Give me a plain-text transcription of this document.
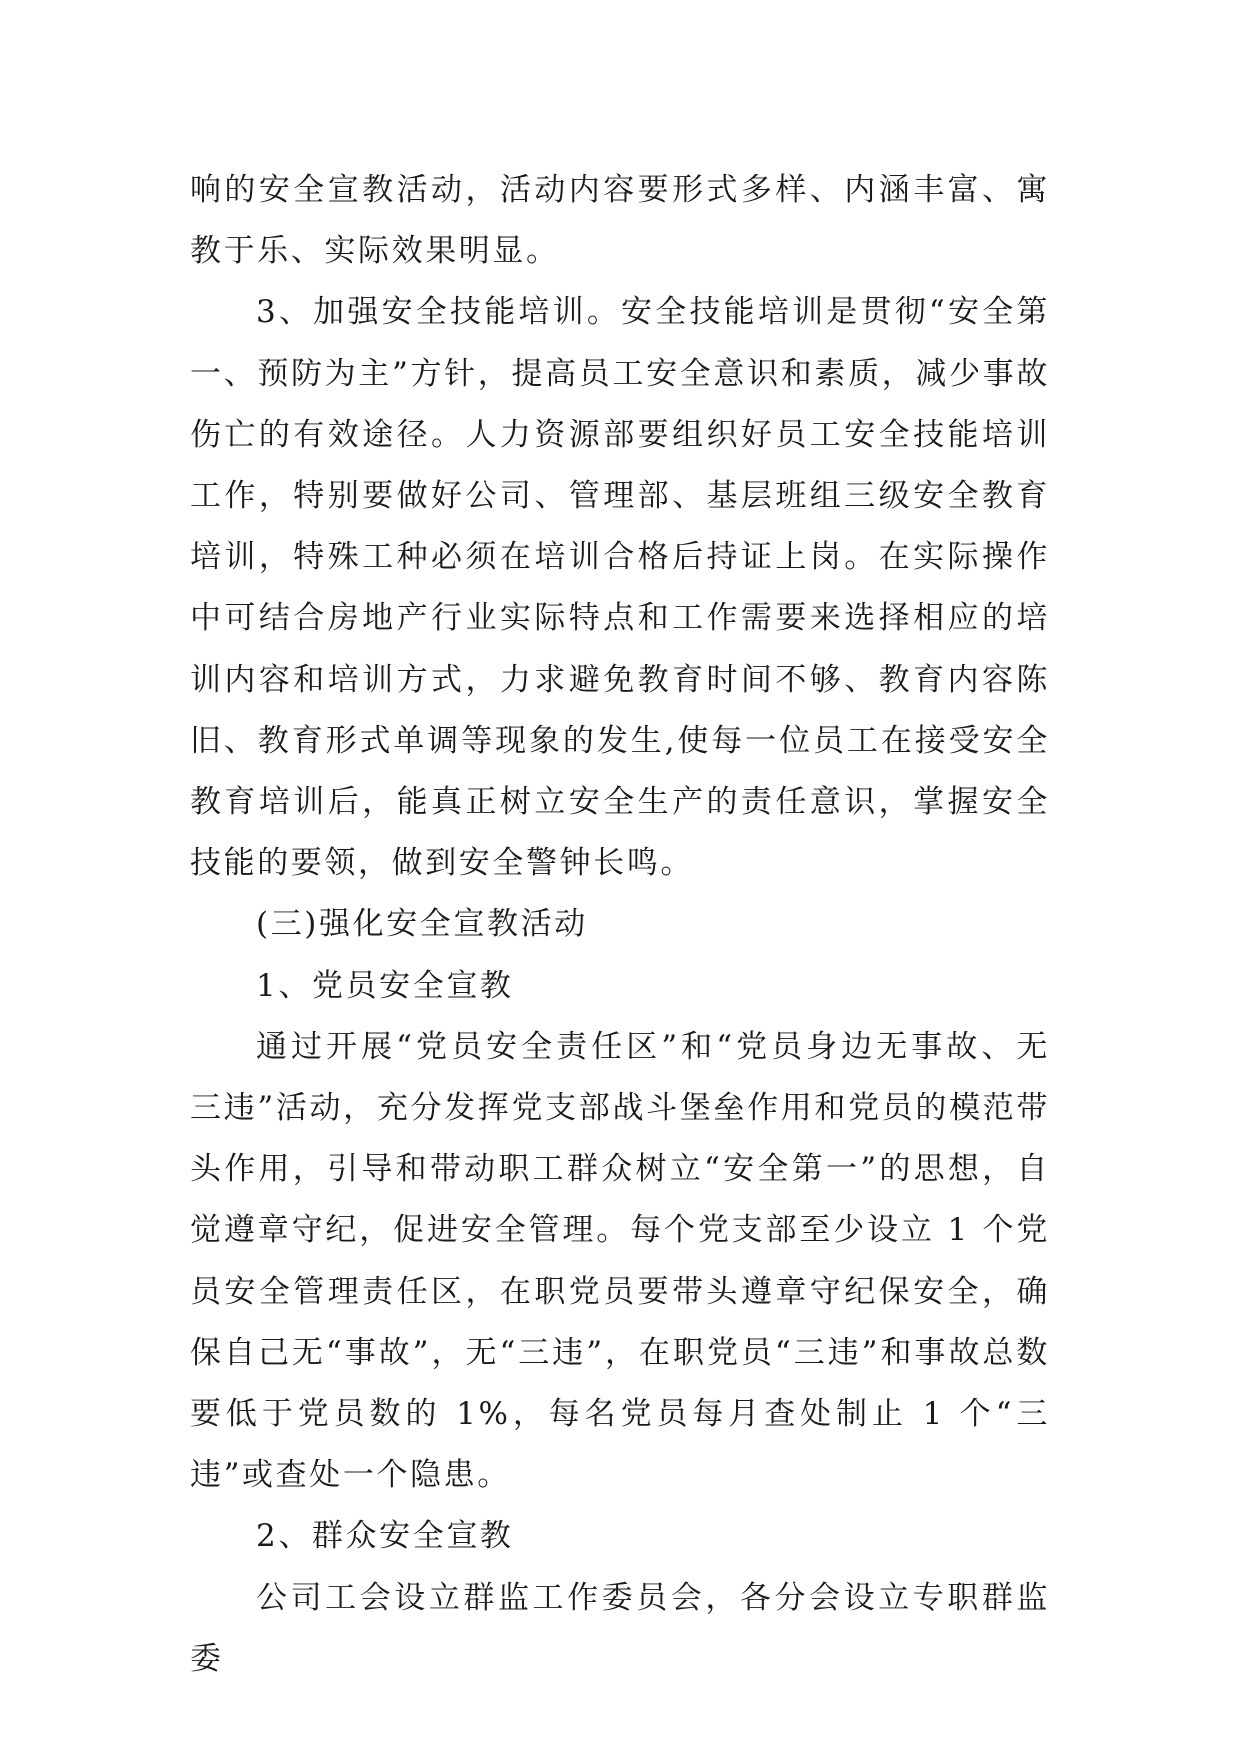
响的安全宣教活动，活动内容要形式多样、内涵丰富、寓教于乐、实际效果明显。

3、加强安全技能培训。安全技能培训是贯彻“安全第一、预防为主”方针，提高员工安全意识和素质，减少事故伤亡的有效途径。人力资源部要组织好员工安全技能培训工作，特别要做好公司、管理部、基层班组三级安全教育培训，特殊工种必须在培训合格后持证上岗。在实际操作中可结合房地产行业实际特点和工作需要来选择相应的培训内容和培训方式，力求避免教育时间不够、教育内容陈旧、教育形式单调等现象的发生,使每一位员工在接受安全教育培训后，能真正树立安全生产的责任意识，掌握安全技能的要领，做到安全警钟长鸣。

(三)强化安全宣教活动

1、党员安全宣教

通过开展“党员安全责任区”和“党员身边无事故、无三违”活动，充分发挥党支部战斗堡垒作用和党员的模范带头作用，引导和带动职工群众树立“安全第一”的思想，自觉遵章守纪，促进安全管理。每个党支部至少设立 1 个党员安全管理责任区，在职党员要带头遵章守纪保安全，确保自己无“事故”，无“三违”，在职党员“三违”和事故总数要低于党员数的 1%，每名党员每月查处制止 1 个“三违”或查处一个隐患。

2、群众安全宣教

公司工会设立群监工作委员会，各分会设立专职群监委
